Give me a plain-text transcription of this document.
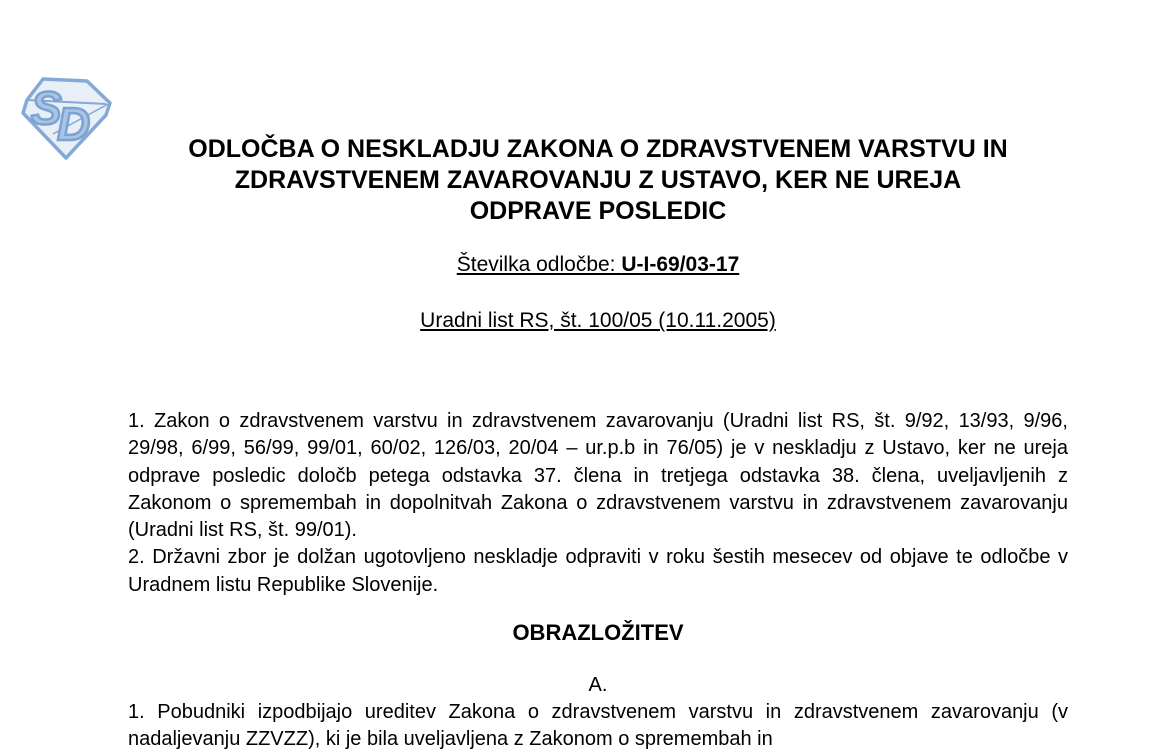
S
D	ODLOČBA O NESKLADJU ZAKONA O ZDRAVSTVENEM VARSTVU IN
ZDRAVSTVENEM ZAVAROVANJU Z USTAVO, KER NE UREJA
ODPRAVE POSLEDIC
Številka odločbe: U-I-69/03-17
Uradni list RS, št. 100/05 (10.11.2005)

1. Zakon o zdravstvenem varstvu in zdravstvenem zavarovanju (Uradni list RS, št. 9/92, 13/93, 9/96, 29/98, 6/99, 56/99, 99/01, 60/02, 126/03, 20/04 – ur.p.b in 76/05) je v neskladju z Ustavo, ker ne ureja odprave posledic določb petega odstavka 37. člena in tretjega odstavka 38. člena, uveljavljenih z Zakonom o spremembah in dopolnitvah Zakona o zdravstvenem varstvu in zdravstvenem zavarovanju (Uradni list RS, št. 99/01).

2. Državni zbor je dolžan ugotovljeno neskladje odpraviti v roku šestih mesecev od objave te odločbe v Uradnem listu Republike Slovenije.

OBRAZLOŽITEV
A.

1. Pobudniki izpodbijajo ureditev Zakona o zdravstvenem varstvu in zdravstvenem zavarovanju (v nadaljevanju ZZVZZ), ki je bila uveljavljena z Zakonom o spremembah in
